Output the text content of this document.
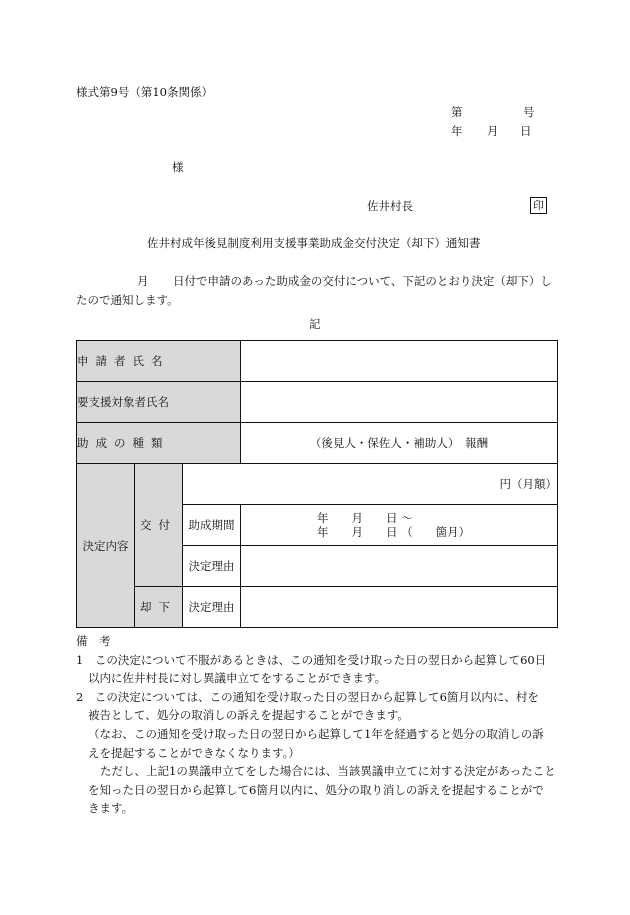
様式第9号（第10条関係）
第	号
年 月 日
様
佐井村長	印
佐井村成年後見制度利用支援事業助成金交付決定（却下）通知書
月 日付で申請のあった助成金の交付について、下記のとおり決定（却下）し
たので通知します。
記
申請者氏名			
要支援対象者氏名			
助成の種類			（後見人・保佐人・補助人）　報酬
決定内容	交付	円（月額）	
		助成期間	年　　月　　日 〜
年　　月　　日 （　　箇月）

		決定理由	
	却下	決定理由	

備　考

1　この決定について不服があるときは、この通知を受け取った日の翌日から起算して60日

以内に佐井村長に対し異議申立てをすることができます。

2　この決定については、この通知を受け取った日の翌日から起算して6箇月以内に、村を

被告として、処分の取消しの訴えを提起することができます。

（なお、この通知を受け取った日の翌日から起算して1年を経過すると処分の取消しの訴

えを提起することができなくなります。）

ただし、上記1の異議申立てをした場合には、当該異議申立てに対する決定があったこと

を知った日の翌日から起算して6箇月以内に、処分の取り消しの訴えを提起することがで

きます。
